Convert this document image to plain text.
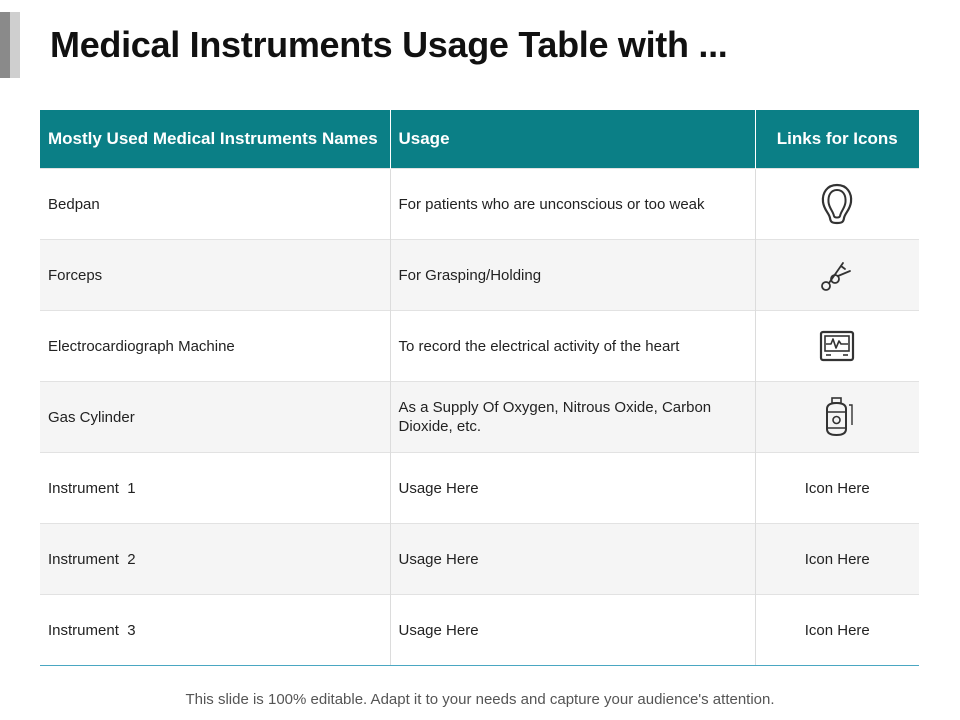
Medical Instruments Usage Table with ...
Mostly Used Medical Instruments Names	Usage	Links for Icons
Bedpan	For patients who are unconscious or too weak	
Forceps	For Grasping/Holding	
Electrocardiograph Machine	To record the electrical activity of the heart	
Gas Cylinder	As a Supply Of Oxygen, Nitrous Oxide, Carbon Dioxide, etc.	
Instrument  1	Usage Here	Icon Here
Instrument  2	Usage Here	Icon Here
Instrument  3	Usage Here	Icon Here
This slide is 100% editable. Adapt it to your needs and capture your audience's attention.
